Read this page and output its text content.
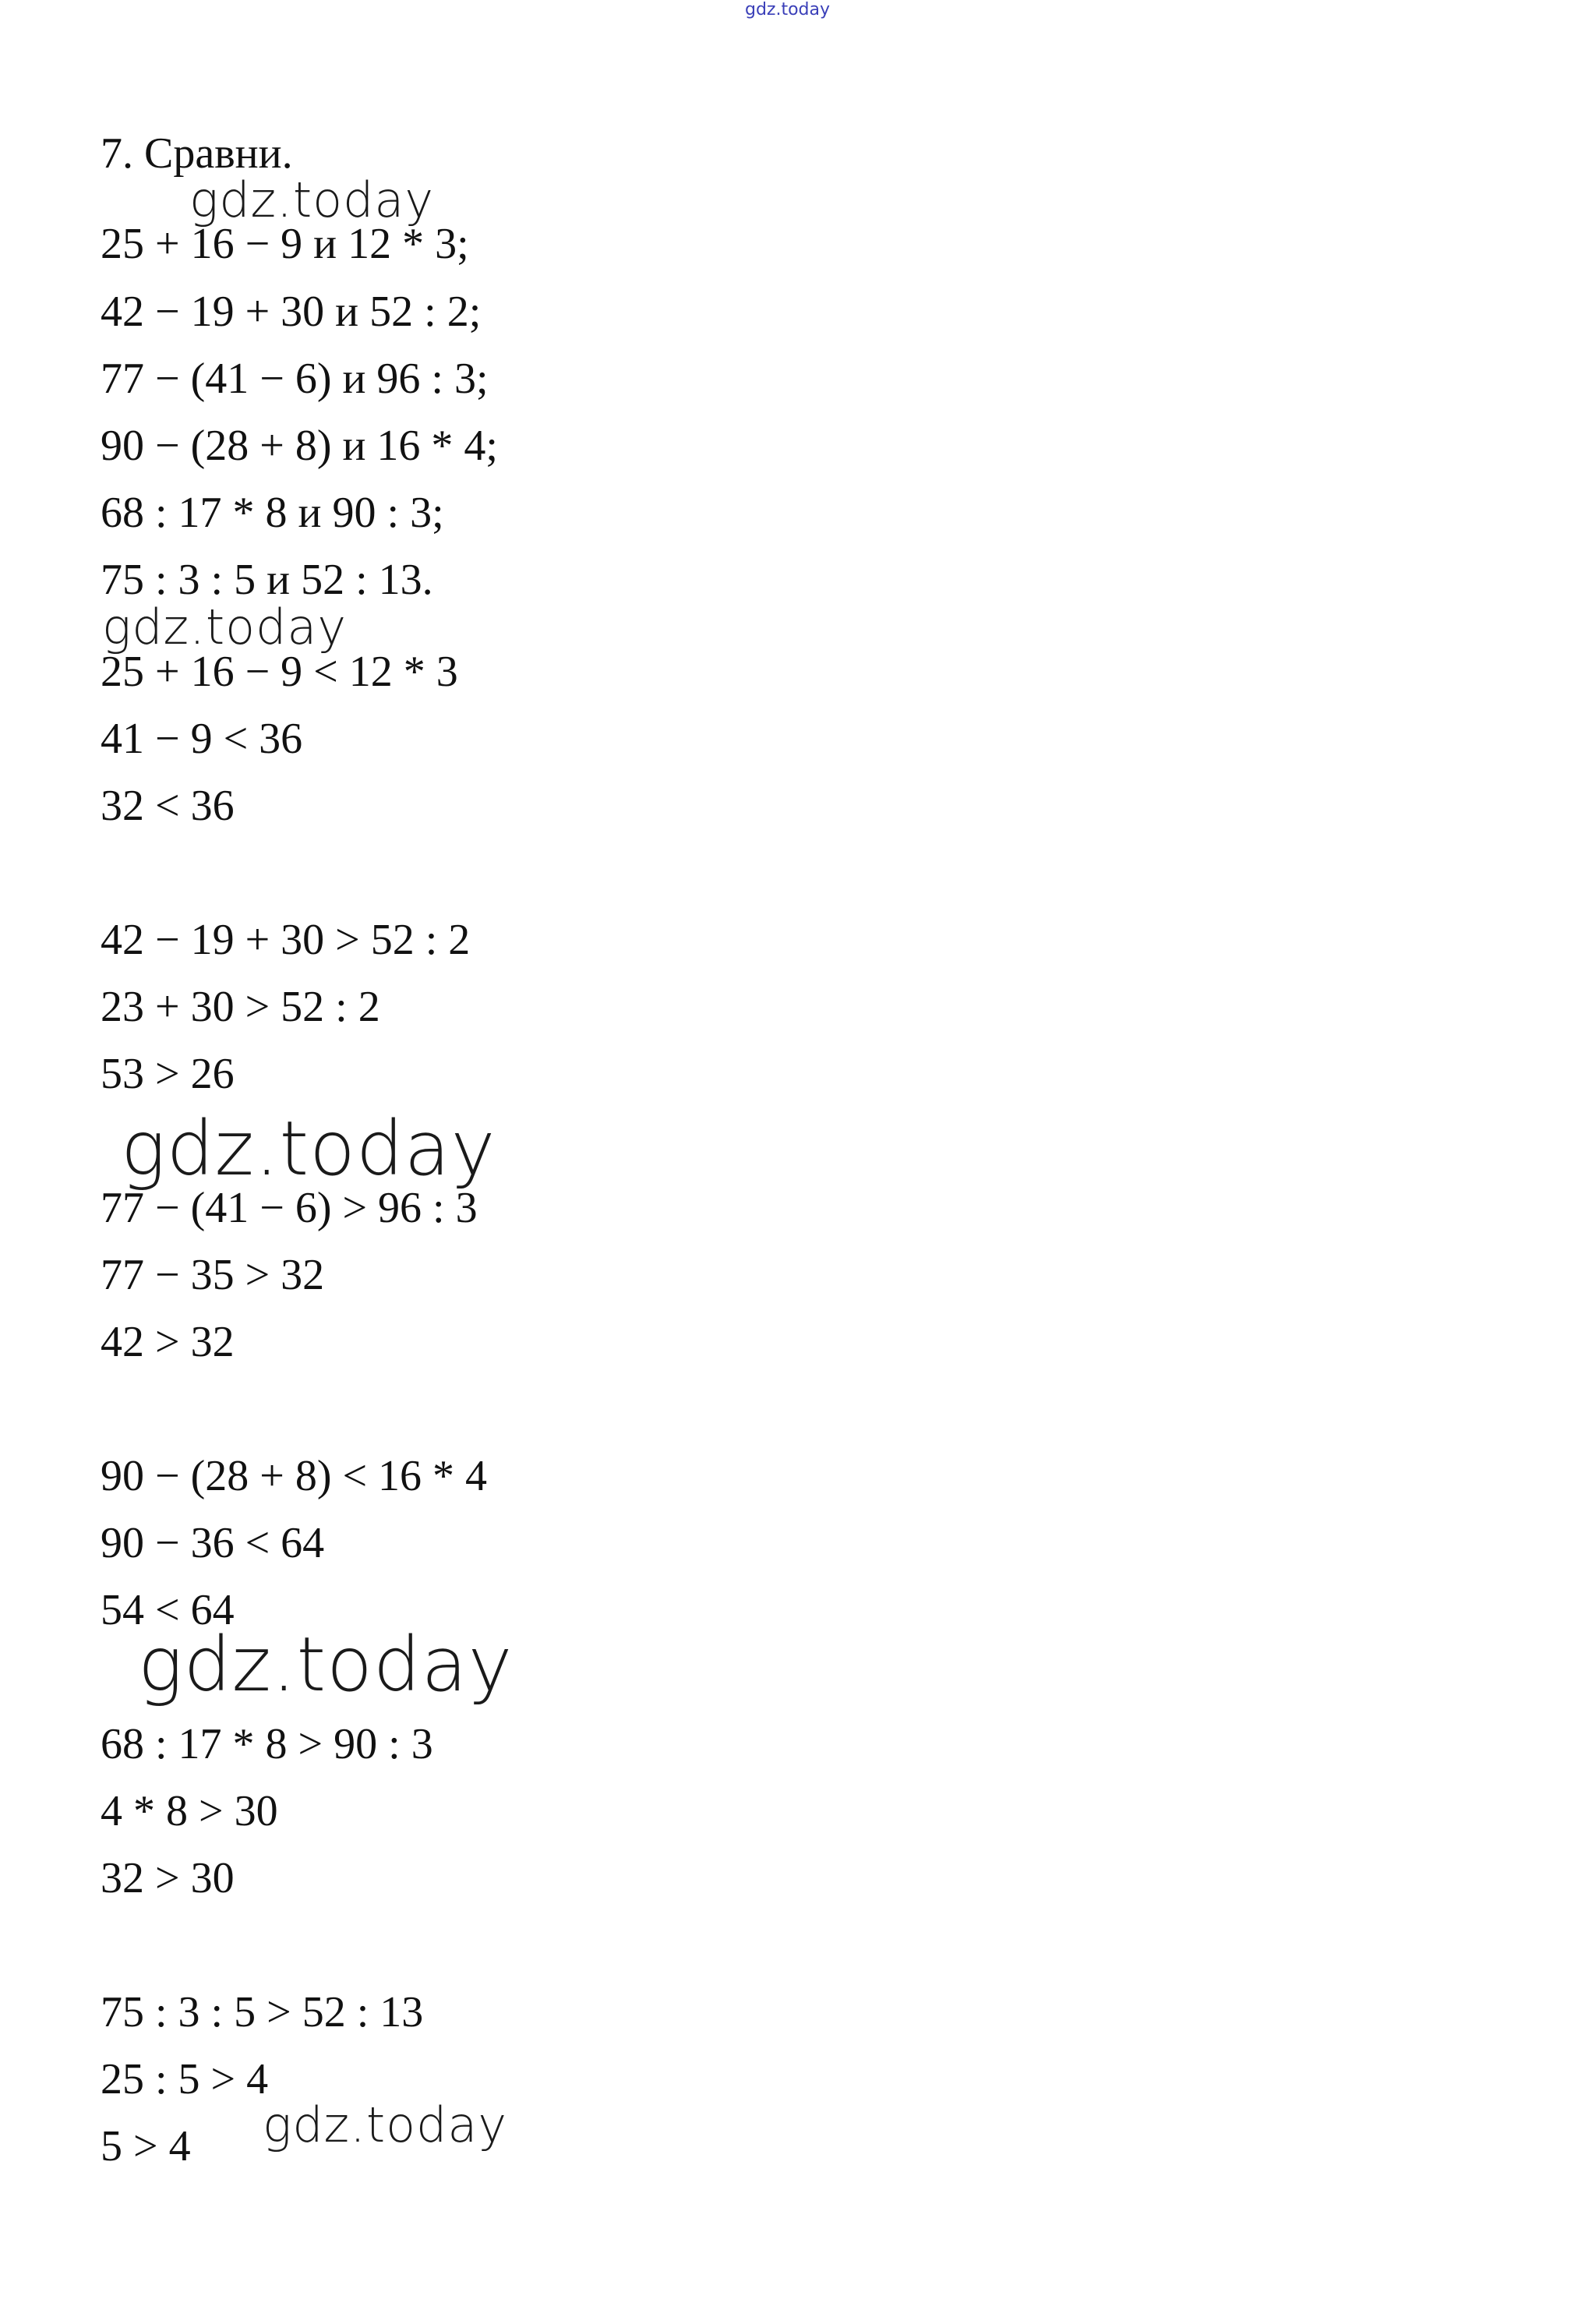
gdz.today
7. Сравни.
gdz.today
25 + 16 − 9 и 12 * 3;
42 − 19 + 30 и 52 : 2;
77 − (41 − 6) и 96 : 3;
90 − (28 + 8) и 16 * 4;
68 : 17 * 8 и 90 : 3;
75 : 3 : 5 и 52 : 13.
gdz.today
25 + 16 − 9 < 12 * 3
41 − 9 < 36
32 < 36
42 − 19 + 30 > 52 : 2
23 + 30 > 52 : 2
53 > 26
gdz.today
77 − (41 − 6) > 96 : 3
77 − 35 > 32
42 > 32
90 − (28 + 8) < 16 * 4
90 − 36 < 64
54 < 64
gdz.today
68 : 17 * 8 > 90 : 3
4 * 8 > 30
32 > 30
75 : 3 : 5 > 52 : 13
25 : 5 > 4
5 > 4 gdz.today
